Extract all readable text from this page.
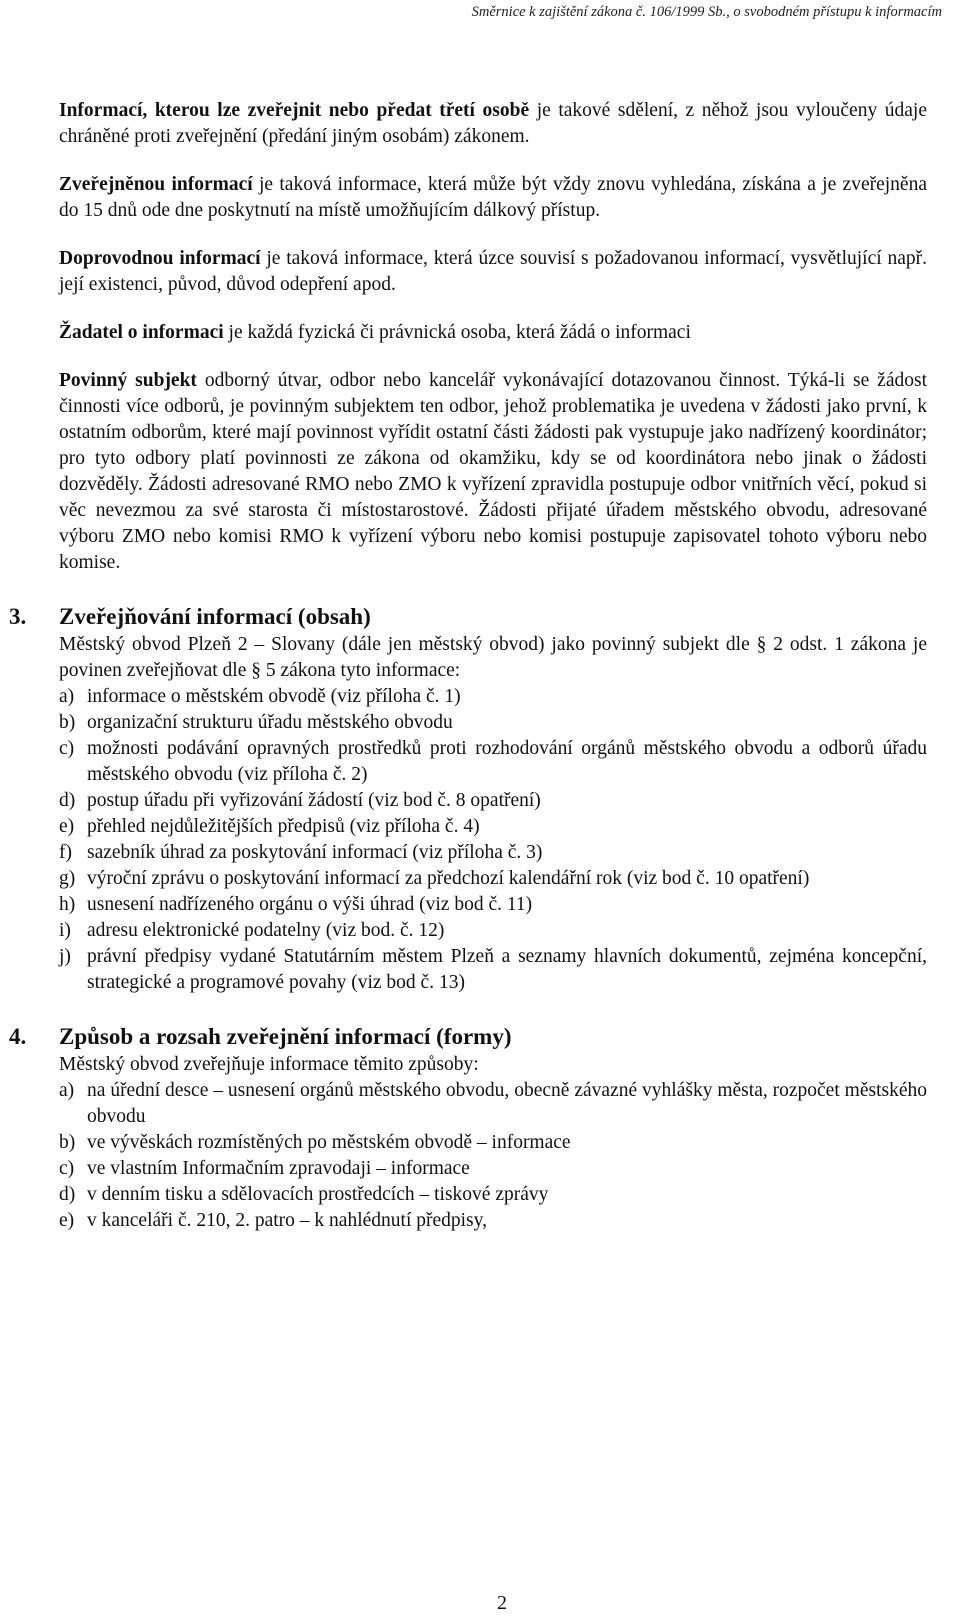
Směrnice k zajištění zákona č. 106/1999 Sb., o svobodném přístupu k informacím

Informací, kterou lze zveřejnit nebo předat třetí osobě je takové sdělení, z něhož jsou vyloučeny údaje chráněné proti zveřejnění (předání jiným osobám) zákonem.

Zveřejněnou informací je taková informace, která může být vždy znovu vyhledána, získána a je zveřejněna do 15 dnů ode dne poskytnutí na místě umožňujícím dálkový přístup.

Doprovodnou informací je taková informace, která úzce souvisí s požadovanou informací, vysvětlující např. její existenci, původ, důvod odepření apod.

Žadatel o informaci je každá fyzická či právnická osoba, která žádá o informaci

Povinný subjekt odborný útvar, odbor nebo kancelář vykonávající dotazovanou činnost. Týká-li se žádost činnosti více odborů, je povinným subjektem ten odbor, jehož problematika je uvedena v žádosti jako první, k ostatním odborům, které mají povinnost vyřídit ostatní části žádosti pak vystupuje jako nadřízený koordinátor; pro tyto odbory platí povinnosti ze zákona od okamžiku, kdy se od koordinátora nebo jinak o žádosti dozvěděly. Žádosti adresované RMO nebo ZMO k vyřízení zpravidla postupuje odbor vnitřních věcí, pokud si věc nevezmou za své starosta či místostarostové. Žádosti přijaté úřadem městského obvodu, adresované výboru ZMO nebo komisi RMO k vyřízení výboru nebo komisi postupuje zapisovatel tohoto výboru nebo komise.

3. Zveřejňování informací (obsah)

Městský obvod Plzeň 2 – Slovany (dále jen městský obvod) jako povinný subjekt dle § 2 odst. 1 zákona je povinen zveřejňovat dle § 5 zákona tyto informace:

a) informace o městském obvodě (viz příloha č. 1)
b) organizační strukturu úřadu městského obvodu
c) možnosti podávání opravných prostředků proti rozhodování orgánů městského obvodu a odborů úřadu městského obvodu (viz příloha č. 2)
d) postup úřadu při vyřizování žádostí (viz bod č. 8 opatření)
e) přehled nejdůležitějších předpisů (viz příloha č. 4)
f) sazebník úhrad za poskytování informací (viz příloha č. 3)
g) výroční zprávu o poskytování informací za předchozí kalendářní rok (viz bod č. 10 opatření)
h) usnesení nadřízeného orgánu o výši úhrad (viz bod č. 11)
i) adresu elektronické podatelny (viz bod. č. 12)
j) právní předpisy vydané Statutárním městem Plzeň a seznamy hlavních dokumentů, zejména koncepční, strategické a programové povahy (viz bod č. 13)
4. Způsob a rozsah zveřejnění informací (formy)

Městský obvod zveřejňuje informace těmito způsoby:

a) na úřední desce – usnesení orgánů městského obvodu, obecně závazné vyhlášky města, rozpočet městského obvodu
b) ve vývěskách rozmístěných po městském obvodě – informace
c) ve vlastním Informačním zpravodaji – informace
d) v denním tisku a sdělovacích prostředcích – tiskové zprávy
e) v kanceláři č. 210, 2. patro – k nahlédnutí předpisy,
2
